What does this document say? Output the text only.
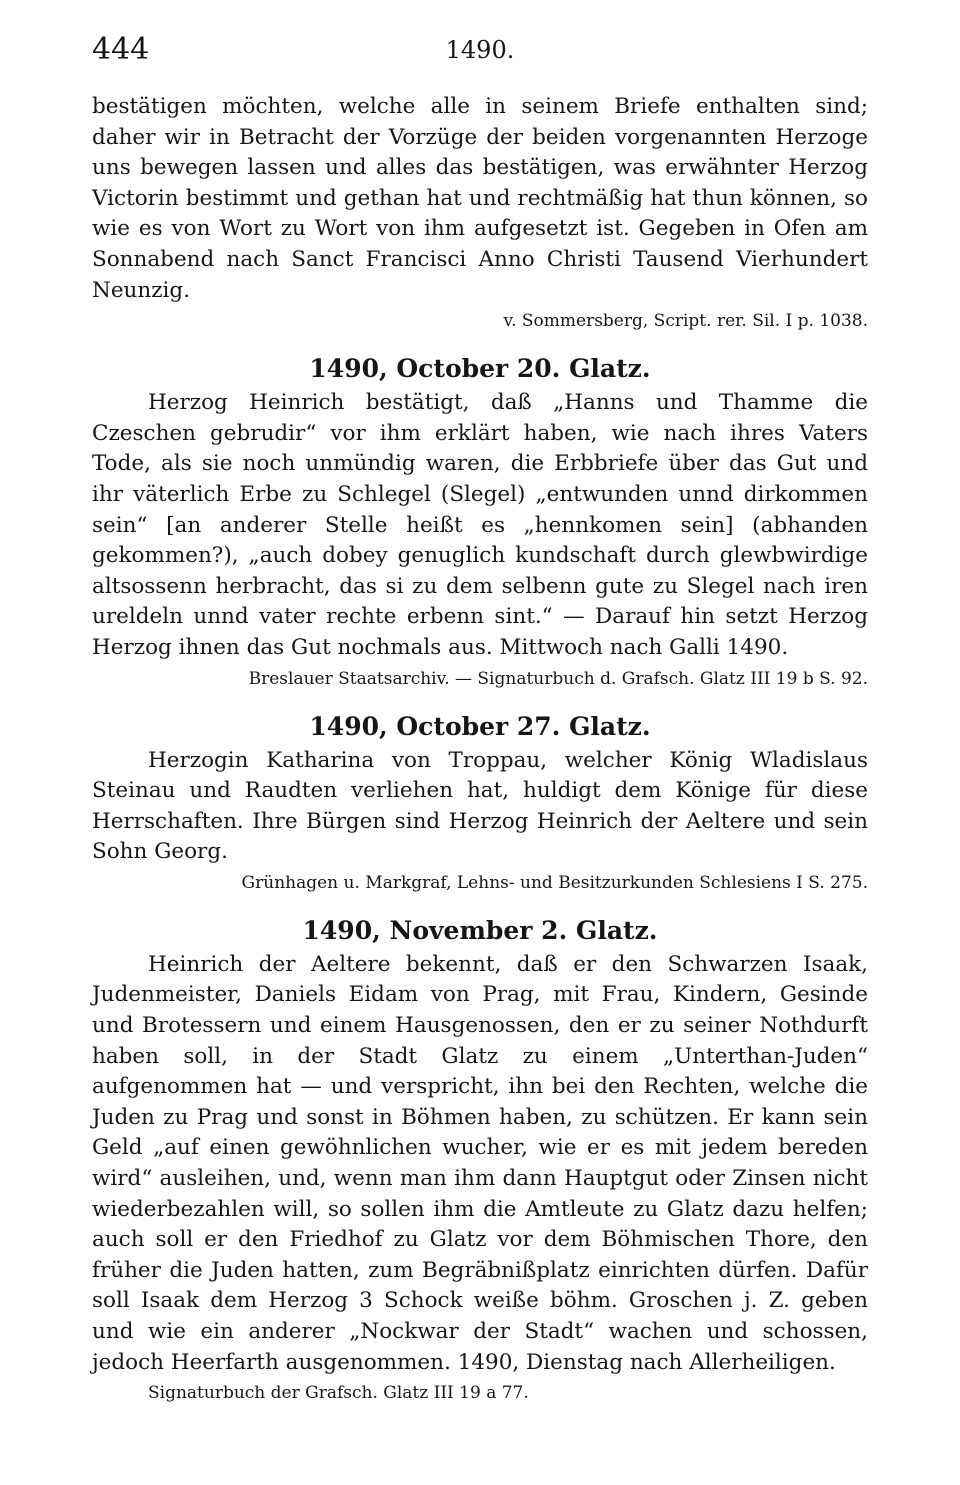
444	1490.

bestätigen möchten, welche alle in seinem Briefe enthalten sind; daher wir in Betracht der Vorzüge der beiden vorgenannten Herzoge uns bewegen lassen und alles das bestätigen, was erwähnter Herzog Victorin bestimmt und gethan hat und rechtmäßig hat thun können, so wie es von Wort zu Wort von ihm aufgesetzt ist. Gegeben in Ofen am Sonnabend nach Sanct Francisci Anno Christi Tausend Vierhundert Neunzig.

v. Sommersberg, Script. rer. Sil. I p. 1038.

1490, October 20. Glatz.

Herzog Heinrich bestätigt, daß „Hanns und Thamme die Czeschen gebrudir“ vor ihm erklärt haben, wie nach ihres Vaters Tode, als sie noch unmündig waren, die Erbbriefe über das Gut und ihr väterlich Erbe zu Schlegel (Slegel) „entwunden unnd dirkommen sein“ [an anderer Stelle heißt es „hennkomen sein] (abhanden gekommen?), „auch dobey genuglich kundschaft durch glewbwirdige altsossenn herbracht, das si zu dem selbenn gute zu Slegel nach iren ureldeln unnd vater rechte erbenn sint.“ — Darauf hin setzt Herzog Herzog ihnen das Gut nochmals aus. Mittwoch nach Galli 1490.

Breslauer Staatsarchiv. — Signaturbuch d. Grafsch. Glatz III 19 b S. 92.

1490, October 27. Glatz.

Herzogin Katharina von Troppau, welcher König Wladislaus Steinau und Raudten verliehen hat, huldigt dem Könige für diese Herrschaften. Ihre Bürgen sind Herzog Heinrich der Aeltere und sein Sohn Georg.

Grünhagen u. Markgraf, Lehns- und Besitzurkunden Schlesiens I S. 275.

1490, November 2. Glatz.

Heinrich der Aeltere bekennt, daß er den Schwarzen Isaak, Judenmeister, Daniels Eidam von Prag, mit Frau, Kindern, Gesinde und Brotessern und einem Hausgenossen, den er zu seiner Nothdurft haben soll, in der Stadt Glatz zu einem „Unterthan-Juden“ aufgenommen hat — und verspricht, ihn bei den Rechten, welche die Juden zu Prag und sonst in Böhmen haben, zu schützen. Er kann sein Geld „auf einen gewöhnlichen wucher, wie er es mit jedem bereden wird“ ausleihen, und, wenn man ihm dann Hauptgut oder Zinsen nicht wiederbezahlen will, so sollen ihm die Amtleute zu Glatz dazu helfen; auch soll er den Friedhof zu Glatz vor dem Böhmischen Thore, den früher die Juden hatten, zum Begräbnißplatz einrichten dürfen. Dafür soll Isaak dem Herzog 3 Schock weiße böhm. Groschen j. Z. geben und wie ein anderer „Nockwar der Stadt“ wachen und schossen, jedoch Heerfarth ausgenommen. 1490, Dienstag nach Allerheiligen.

Signaturbuch der Grafsch. Glatz III 19 a 77.
